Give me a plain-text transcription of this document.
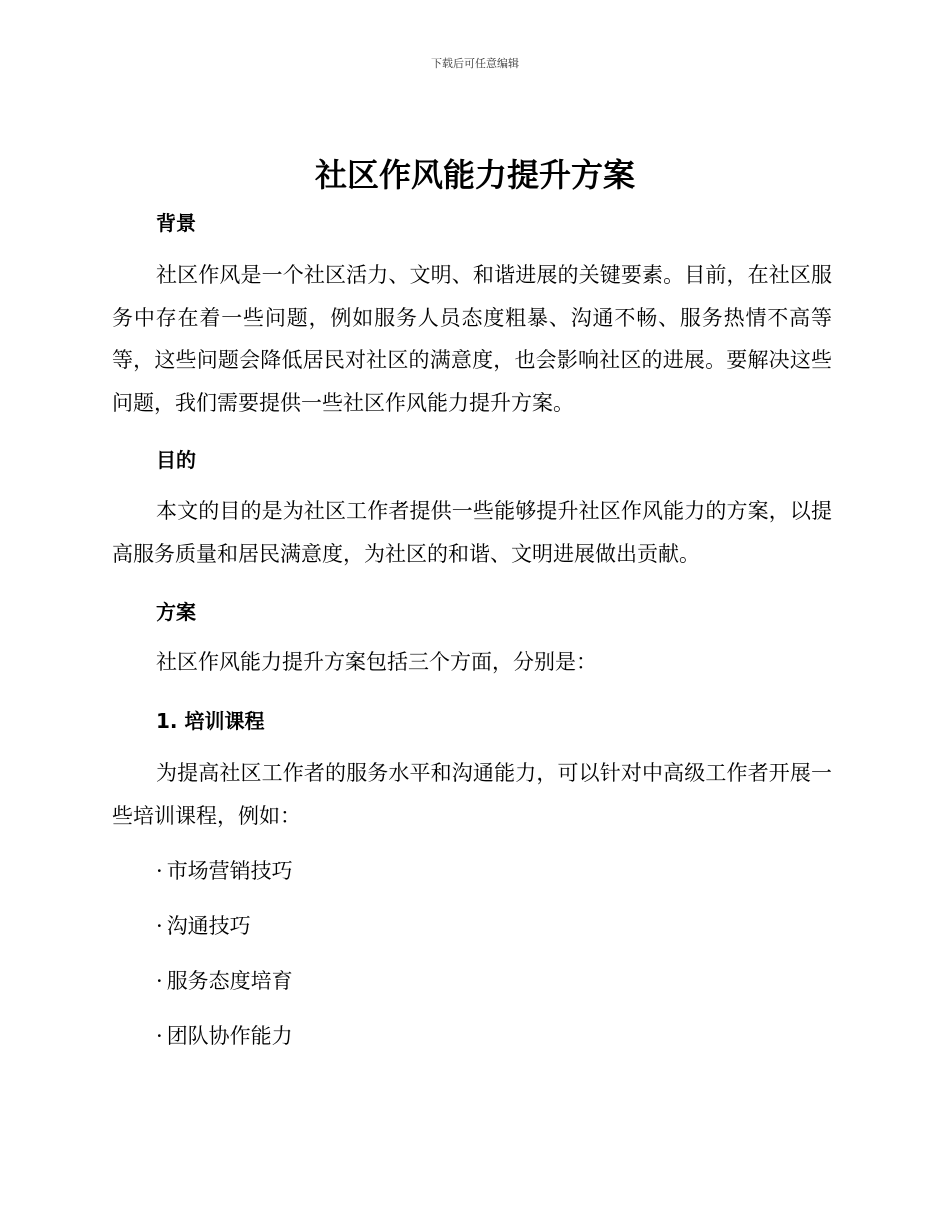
下载后可任意编辑
社区作风能力提升方案
背景

社区作风是一个社区活力、文明、和谐进展的关键要素。目前，在社区服务中存在着一些问题，例如服务人员态度粗暴、沟通不畅、服务热情不高等等，这些问题会降低居民对社区的满意度，也会影响社区的进展。要解决这些问题，我们需要提供一些社区作风能力提升方案。

目的

本文的目的是为社区工作者提供一些能够提升社区作风能力的方案，以提高服务质量和居民满意度，为社区的和谐、文明进展做出贡献。

方案

社区作风能力提升方案包括三个方面，分别是：

1. 培训课程

为提高社区工作者的服务水平和沟通能力，可以针对中高级工作者开展一些培训课程，例如：

· 市场营销技巧

· 沟通技巧

· 服务态度培育

· 团队协作能力
